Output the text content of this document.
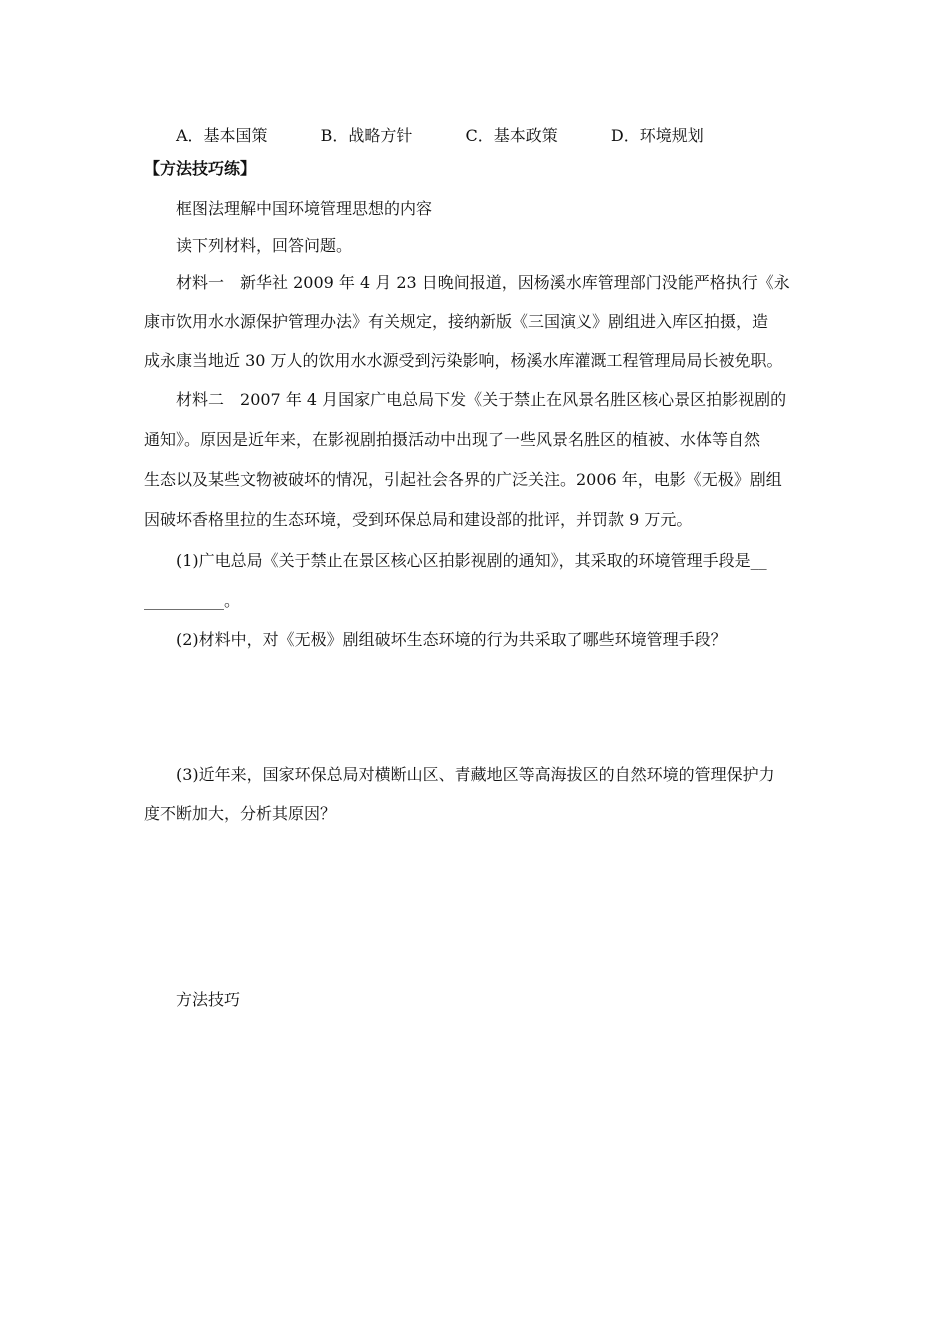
A．基本国策	B．战略方针	C．基本政策	D．环境规划
【方法技巧练】
框图法理解中国环境管理思想的内容
读下列材料，回答问题。
材料一 新华社 2009 年 4 月 23 日晚间报道，因杨溪水库管理部门没能严格执行《永
康市饮用水水源保护管理办法》有关规定，接纳新版《三国演义》剧组进入库区拍摄，造
成永康当地近 30 万人的饮用水水源受到污染影响，杨溪水库灌溉工程管理局局长被免职。
材料二 2007 年 4 月国家广电总局下发《关于禁止在风景名胜区核心景区拍影视剧的
通知》。原因是近年来，在影视剧拍摄活动中出现了一些风景名胜区的植被、水体等自然
生态以及某些文物被破坏的情况，引起社会各界的广泛关注。2006 年，电影《无极》剧组
因破坏香格里拉的生态环境，受到环保总局和建设部的批评，并罚款 9 万元。
(1)广电总局《关于禁止在景区核心区拍影视剧的通知》，其采取的环境管理手段是__
__________。
(2)材料中，对《无极》剧组破坏生态环境的行为共采取了哪些环境管理手段？
(3)近年来，国家环保总局对横断山区、青藏地区等高海拔区的自然环境的管理保护力
度不断加大，分析其原因？
方法技巧
